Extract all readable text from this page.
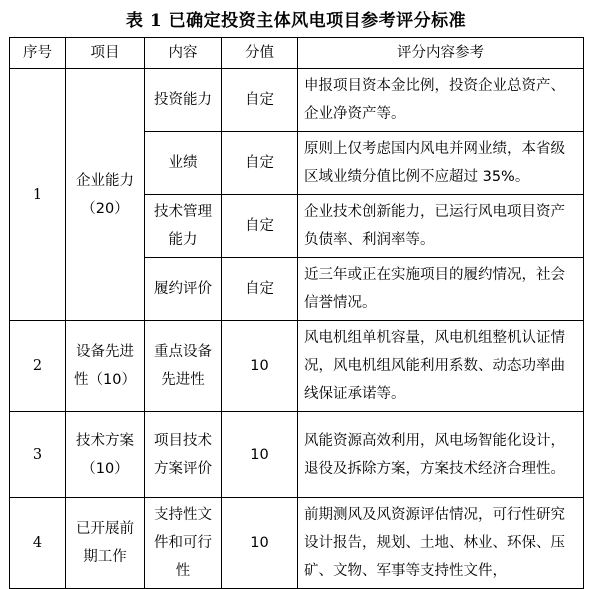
表 1 已确定投资主体风电项目参考评分标准
序号	项目	内容	分值	评分内容参考
1	企业能力（20）	投资能力	自定	申报项目资本金比例，投资企业总资产、企业净资产等。
		业绩	自定	原则上仅考虑国内风电并网业绩，本省级区域业绩分值比例不应超过 35%。
		技术管理能力	自定	企业技术创新能力，已运行风电项目资产负债率、利润率等。
		履约评价	自定	近三年或正在实施项目的履约情况，社会信誉情况。
2	设备先进性（10）	重点设备先进性	10	风电机组单机容量，风电机组整机认证情况，风电机组风能利用系数、动态功率曲线保证承诺等。
3	技术方案（10）	项目技术方案评价	10	风能资源高效利用，风电场智能化设计，退役及拆除方案，方案技术经济合理性。
4	已开展前期工作	支持性文件和可行性	10	前期测风及风资源评估情况，可行性研究设计报告，规划、土地、林业、环保、压矿、文物、军事等支持性文件，
